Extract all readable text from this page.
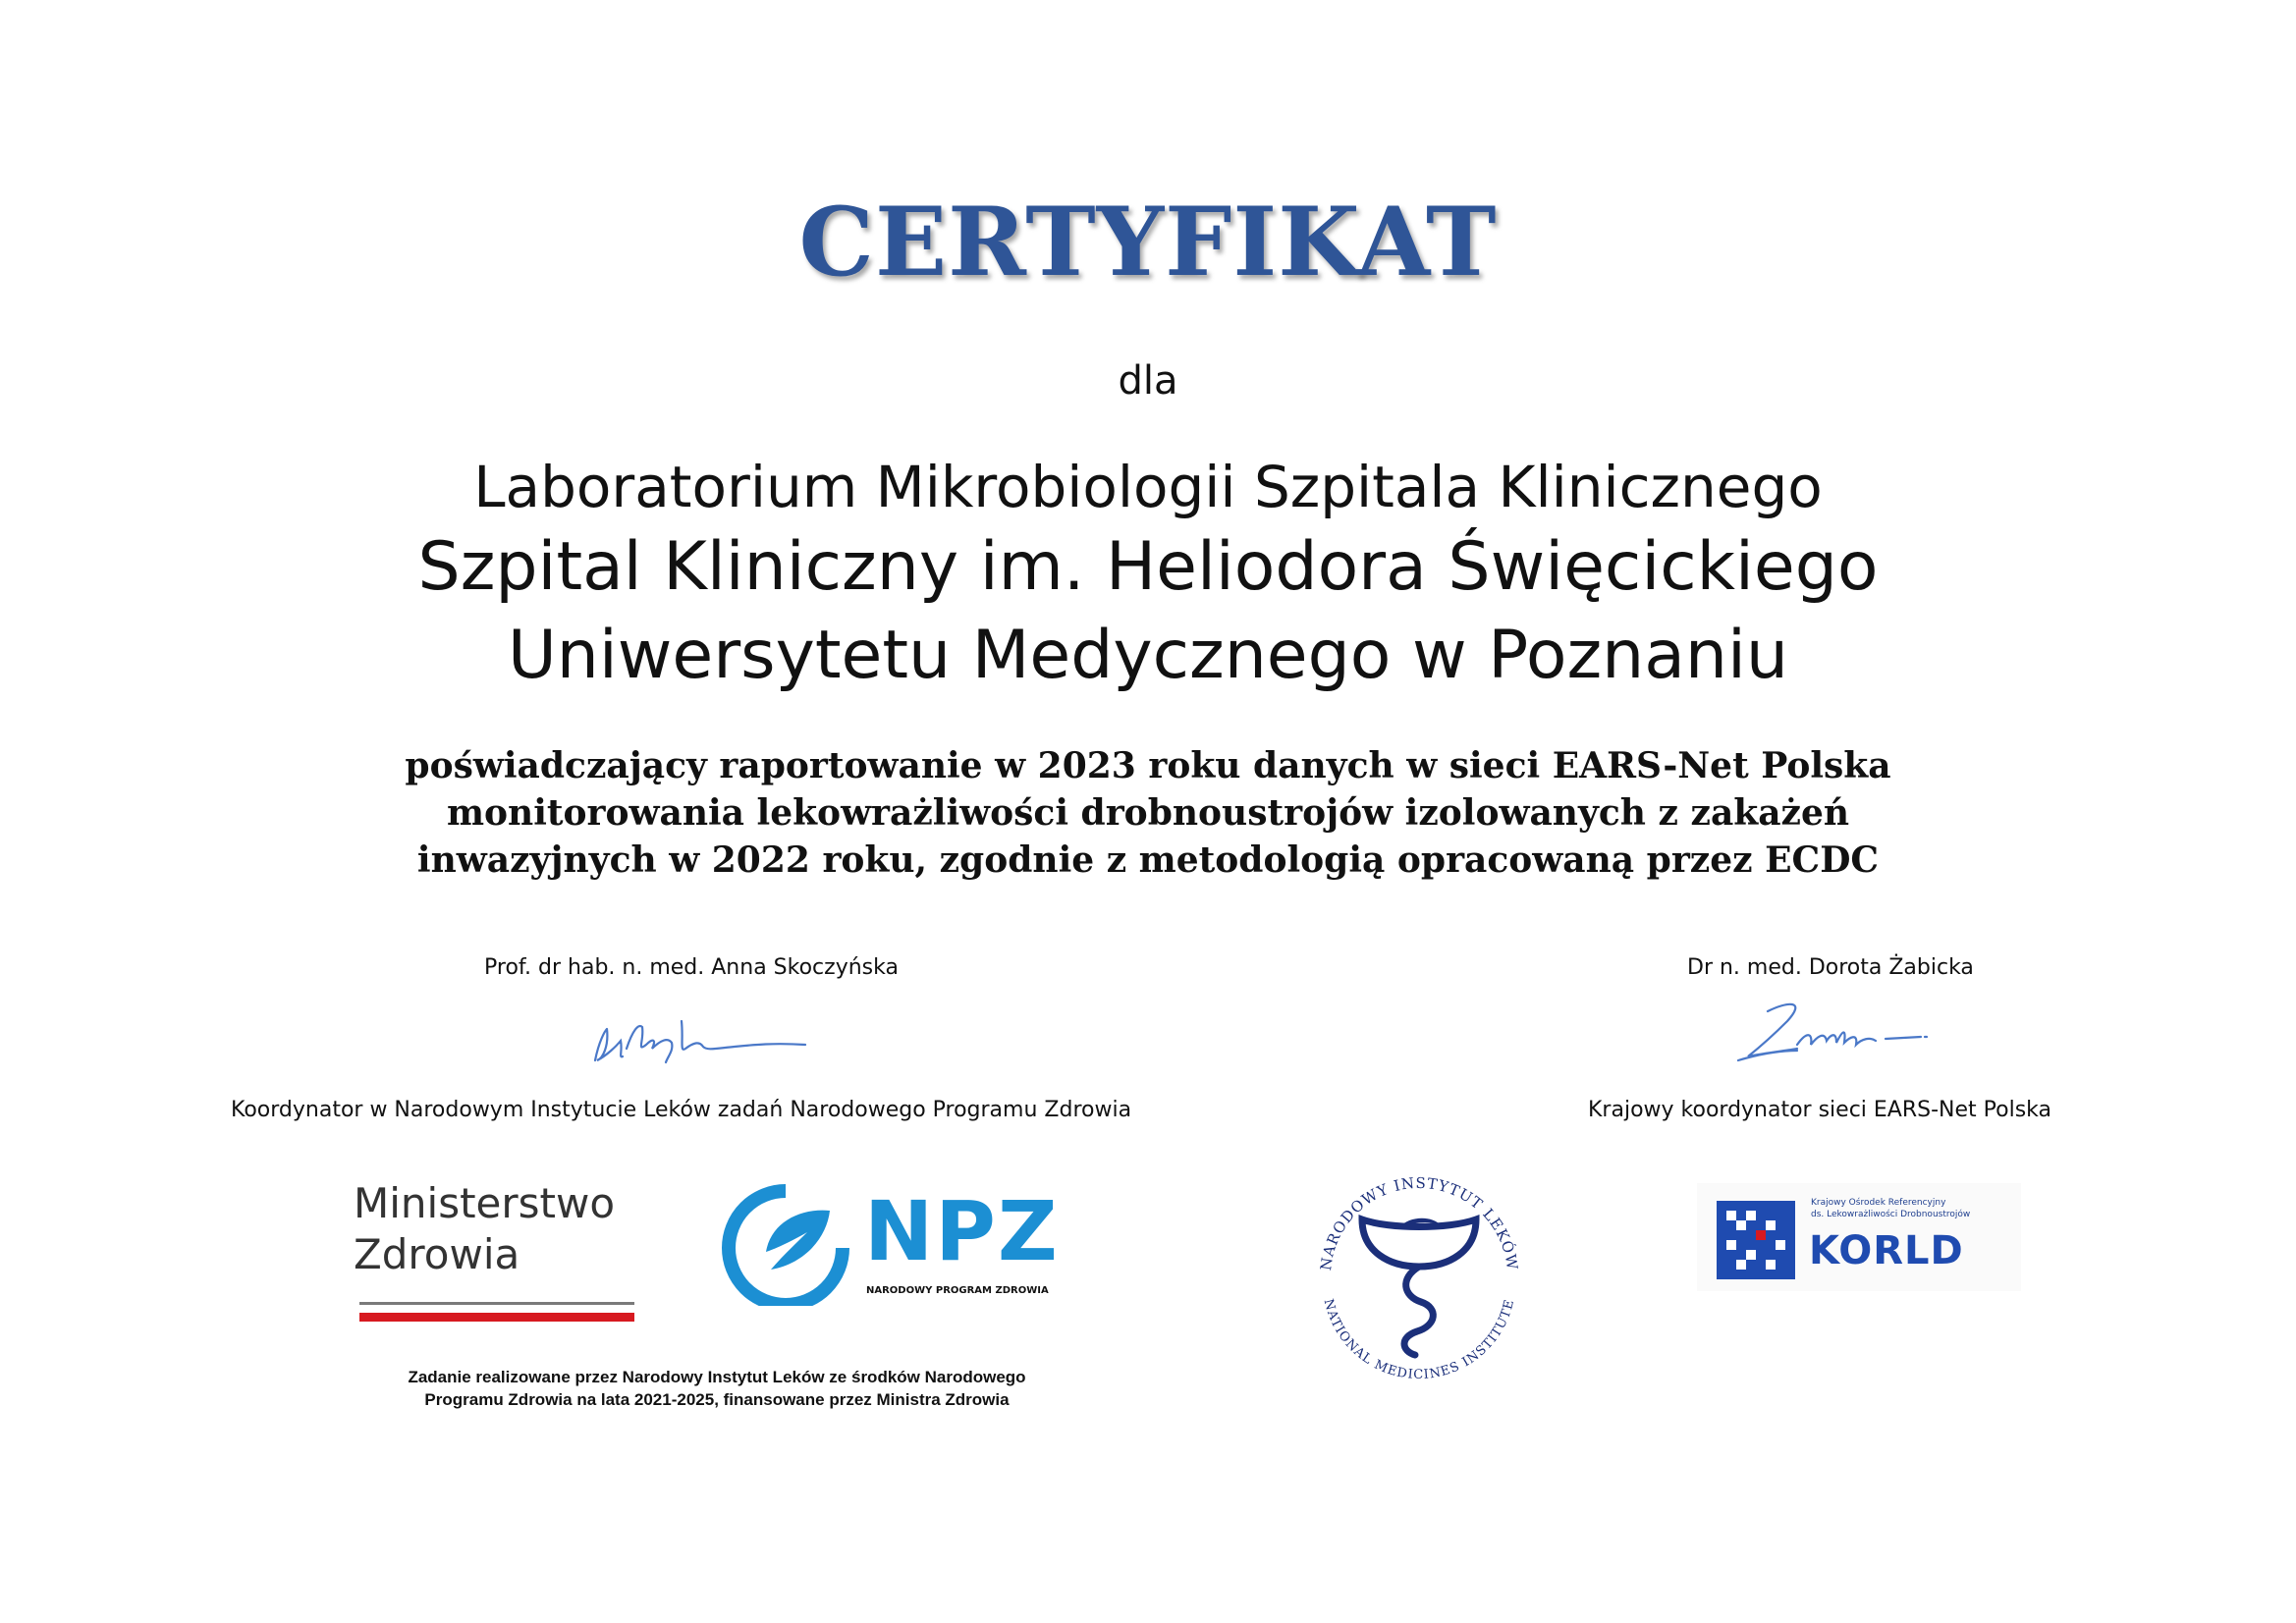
CERTYFIKAT
dla
Laboratorium Mikrobiologii Szpitala Klinicznego
Szpital Kliniczny im. Heliodora Święcickiego
Uniwersytetu Medycznego w Poznaniu
poświadczający raportowanie w 2023 roku danych w sieci EARS-Net Polska
monitorowania lekowrażliwości drobnoustrojów izolowanych z zakażeń
inwazyjnych w 2022 roku, zgodnie z metodologią opracowaną przez ECDC
Prof. dr hab. n. med. Anna Skoczyńska
Koordynator w Narodowym Instytucie Leków zadań Narodowego Programu Zdrowia
Dr n. med. Dorota Żabicka
Krajowy koordynator sieci EARS-Net Polska
Ministerstwo
Zdrowia	NPZ
NARODOWY PROGRAM ZDROWIA
Zadanie realizowane przez Narodowy Instytut Leków ze środków Narodowego
Programu Zdrowia na lata 2021-2025, finansowane przez Ministra Zdrowia
NARODOWY INSTYTUT LEKÓW
NATIONAL MEDICINES INSTITUTE
Krajowy Ośrodek Referencyjny
ds. Lekowrażliwości Drobnoustrojów
KORLD
